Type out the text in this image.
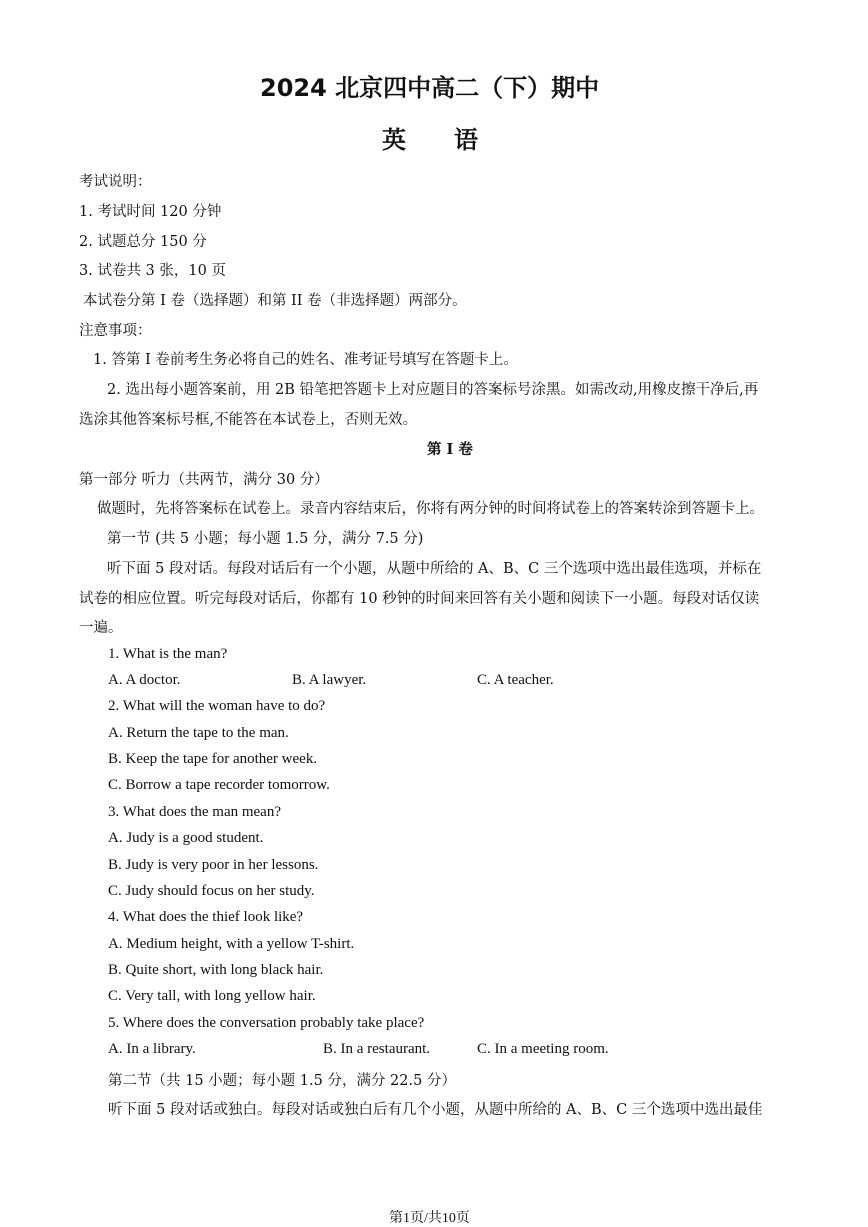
2024 北京四中高二（下）期中
英　　语
考试说明：
1. 考试时间 120 分钟
2. 试题总分 150 分
3. 试卷共 3 张，10 页
本试卷分第 I 卷（选择题）和第 II 卷（非选择题）两部分。
注意事项：
1. 答第 I 卷前考生务必将自己的姓名、准考证号填写在答题卡上。
2. 选出每小题答案前，用 2B 铅笔把答题卡上对应题目的答案标号涂黑。如需改动,用橡皮擦干净后,再
选涂其他答案标号框,不能答在本试卷上，否则无效。
第 I 卷
第一部分 听力（共两节，满分 30 分）
做题时，先将答案标在试卷上。录音内容结束后，你将有两分钟的时间将试卷上的答案转涂到答题卡上。
第一节 (共 5 小题；每小题 1.5 分，满分 7.5 分)
听下面 5 段对话。每段对话后有一个小题，从题中所给的 A、B、C 三个选项中选出最佳选项，并标在
试卷的相应位置。听完每段对话后，你都有 10 秒钟的时间来回答有关小题和阅读下一小题。每段对话仅读
一遍。
1. What is the man?
A. A doctor.	B. A lawyer.	C. A teacher.
2. What will the woman have to do?
A. Return the tape to the man.
B. Keep the tape for another week.
C. Borrow a tape recorder tomorrow.
3. What does the man mean?
A. Judy is a good student.
B. Judy is very poor in her lessons.
C. Judy should focus on her study.
4. What does the thief look like?
A. Medium height, with a yellow T-shirt.
B. Quite short, with long black hair.
C. Very tall, with long yellow hair.
5. Where does the conversation probably take place?
A. In a library.	B. In a restaurant.	C. In a meeting room.
第二节（共 15 小题；每小题 1.5 分，满分 22.5 分）
听下面 5 段对话或独白。每段对话或独白后有几个小题，从题中所给的 A、B、C 三个选项中选出最佳
第1页/共10页
